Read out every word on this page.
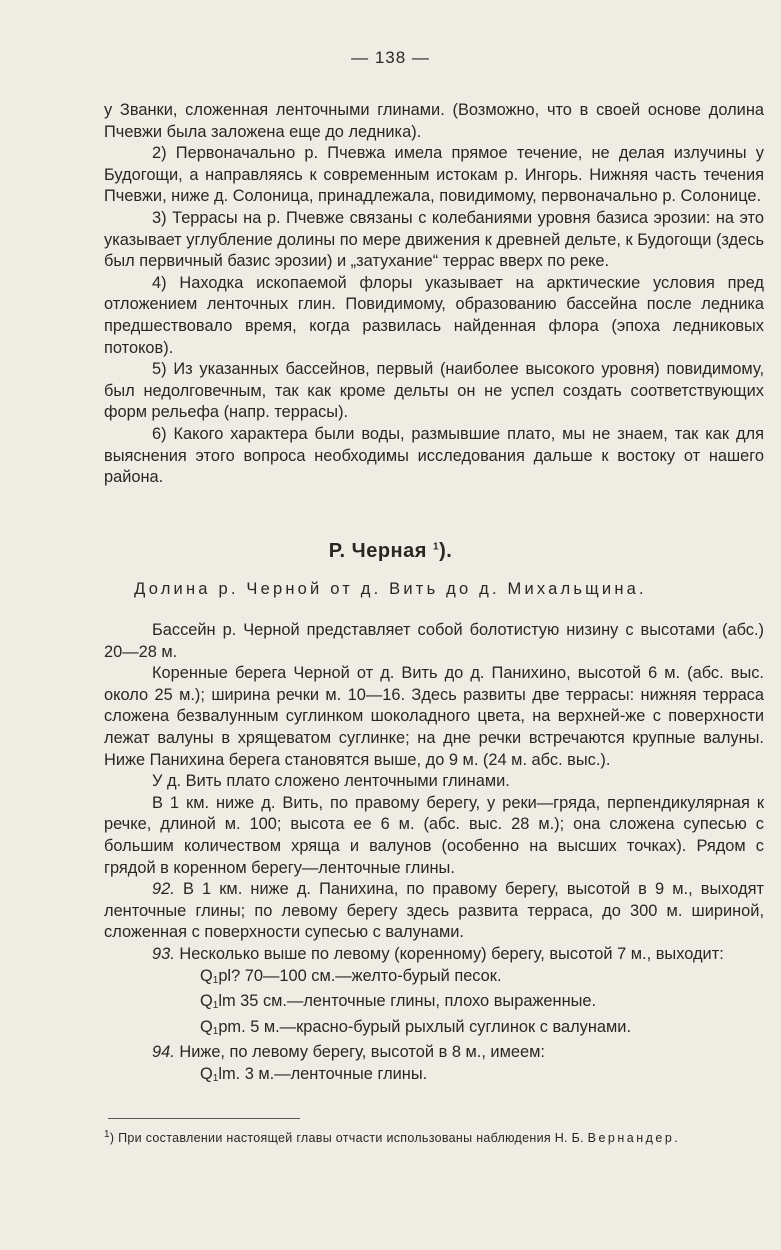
— 138 —

у Званки, сложенная ленточными глинами. (Возможно, что в своей основе долина Пчевжи была заложена еще до ледника).

2) Первоначально р. Пчевжа имела прямое течение, не делая излучины у Будогощи, а направляясь к современным истокам р. Ингорь. Нижняя часть течения Пчевжи, ниже д. Солоница, принадлежала, повидимому, первоначально р. Солонице.

3) Террасы на р. Пчевже связаны с колебаниями уровня базиса эрозии: на это указывает углубление долины по мере движения к древней дельте, к Будогощи (здесь был первичный базис эрозии) и „затухание“ террас вверх по реке.

4) Находка ископаемой флоры указывает на арктические условия пред отложением ленточных глин. Повидимому, образованию бассейна после ледника предшествовало время, когда развилась найденная флора (эпоха ледниковых потоков).

5) Из указанных бассейнов, первый (наиболее высокого уровня) повидимому, был недолговечным, так как кроме дельты он не успел создать соответствующих форм рельефа (напр. террасы).

6) Какого характера были воды, размывшие плато, мы не знаем, так как для выяснения этого вопроса необходимы исследования дальше к востоку от нашего района.

Р. Черная $^1$).
Долина р. Черной от д. Вить до д. Михальщина.

Бассейн р. Черной представляет собой болотистую низину с высотами (абс.) 20—28 м.

Коренные берега Черной от д. Вить до д. Панихино, высотой 6 м. (абс. выс. около 25 м.); ширина речки м. 10—16. Здесь развиты две террасы: нижняя терраса сложена безвалунным суглинком шоколадного цвета, на верхней-же с поверхности лежат валуны в хрящеватом суглинке; на дне речки встречаются крупные валуны. Ниже Панихина берега становятся выше, до 9 м. (24 м. абс. выс.).

У д. Вить плато сложено ленточными глинами.

В 1 км. ниже д. Вить, по правому берегу, у реки—гряда, перпендикулярная к речке, длиной м. 100; высота ее 6 м. (абс. выс. 28 м.); она сложена супесью с большим количеством хряща и валунов (особенно на высших точках). Рядом с грядой в коренном берегу—ленточные глины.

92. В 1 км. ниже д. Панихина, по правому берегу, высотой в 9 м., выходят ленточные глины; по левому берегу здесь развита терраса, до 300 м. шириной, сложенная с поверхности супесью с валунами.

93. Несколько выше по левому (коренному) берегу, высотой 7 м., выходит:

$Q_1pl$? 70—100 см.—желто-бурый песок.

$Q_1lm$ 35 см.—ленточные глины, плохо выраженные.

$Q_1pm$. 5 м.—красно-бурый рыхлый суглинок с валунами.

94. Ниже, по левому берегу, высотой в 8 м., имеем:

$Q_1lm$. 3 м.—ленточные глины.

$^1$) При составлении настоящей главы отчасти использованы наблюдения Н. Б. Вернандер.
